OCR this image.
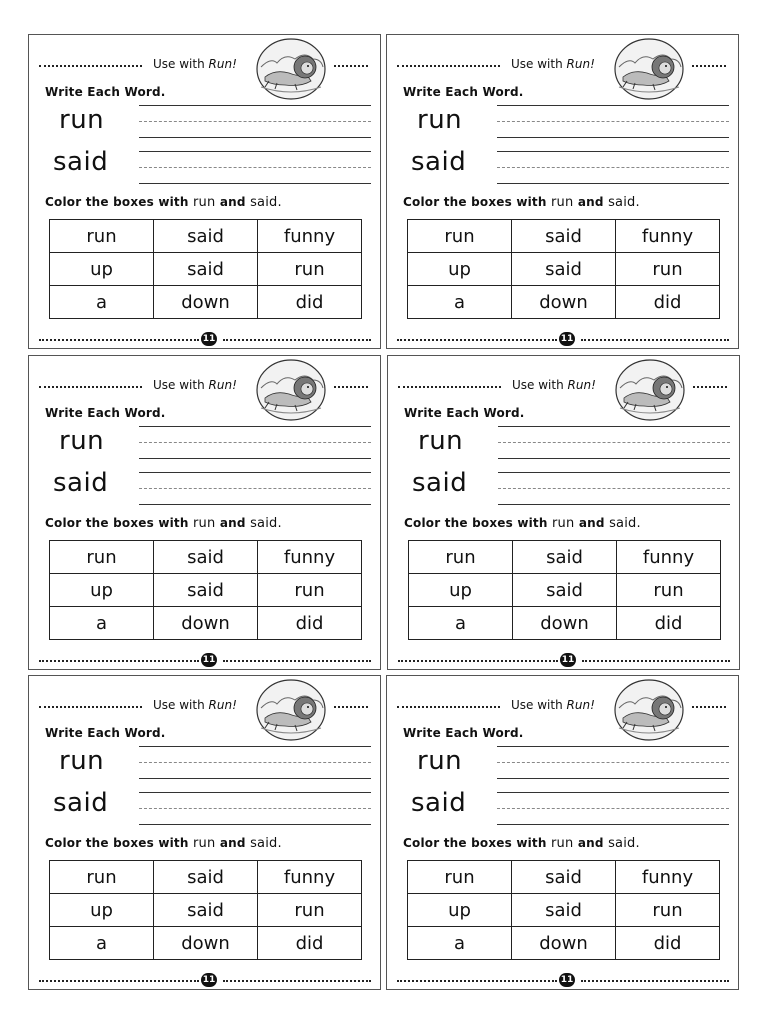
Use with Run!
Write Each Word.
run
said
Color the boxes with run and said.
run	said	funny
up	said	run
a	down	did
11
Use with Run!
Write Each Word.
run
said
Color the boxes with run and said.
run	said	funny
up	said	run
a	down	did
11
Use with Run!
Write Each Word.
run
said
Color the boxes with run and said.
run	said	funny
up	said	run
a	down	did
11
Use with Run!
Write Each Word.
run
said
Color the boxes with run and said.
run	said	funny
up	said	run
a	down	did
11
Use with Run!
Write Each Word.
run
said
Color the boxes with run and said.
run	said	funny
up	said	run
a	down	did
11
Use with Run!
Write Each Word.
run
said
Color the boxes with run and said.
run	said	funny
up	said	run
a	down	did
11
